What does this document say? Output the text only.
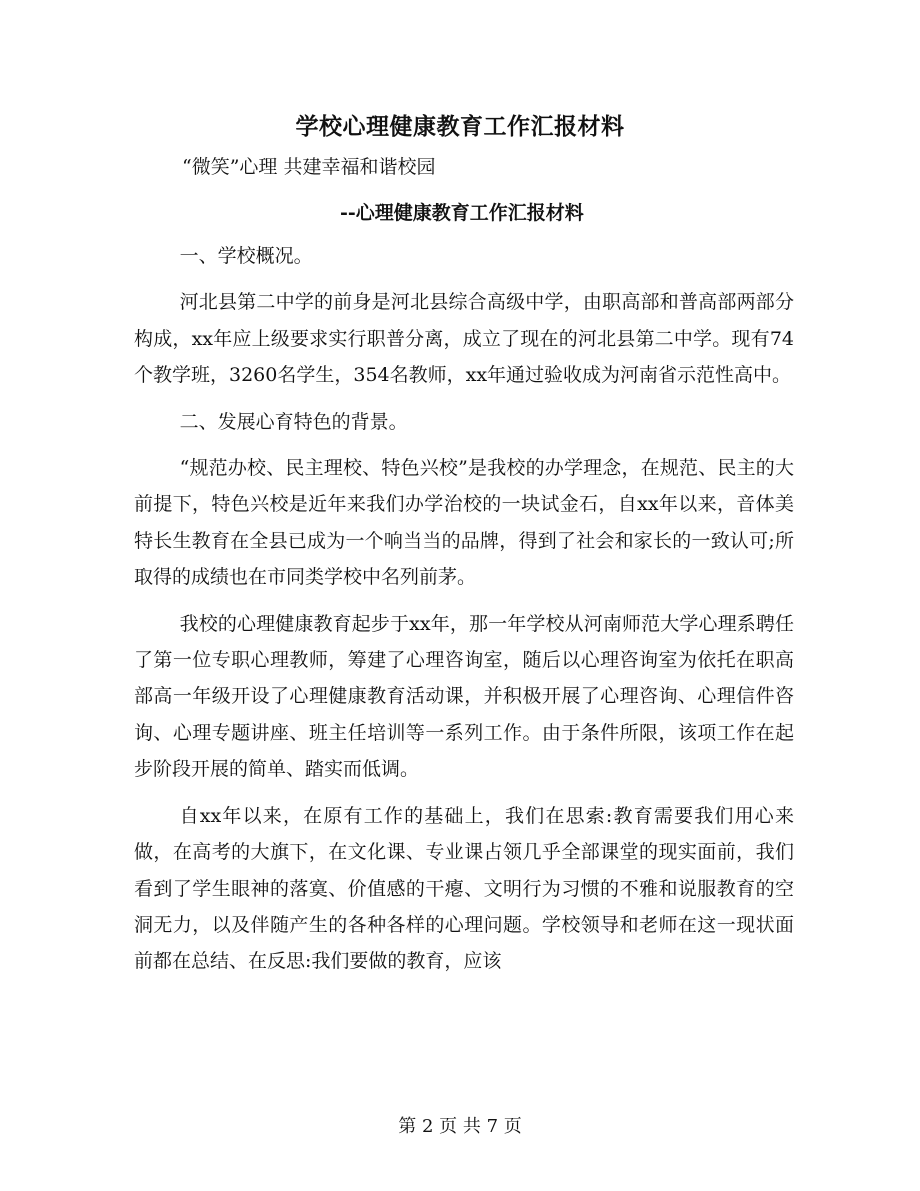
学校心理健康教育工作汇报材料

“微笑”心理 共建幸福和谐校园

--心理健康教育工作汇报材料

一、学校概况。

河北县第二中学的前身是河北县综合高级中学，由职高部和普高部两部分构成，xx年应上级要求实行职普分离，成立了现在的河北县第二中学。现有74个教学班，3260名学生，354名教师，xx年通过验收成为河南省示范性高中。

二、发展心育特色的背景。

“规范办校、民主理校、特色兴校”是我校的办学理念，在规范、民主的大前提下，特色兴校是近年来我们办学治校的一块试金石，自xx年以来，音体美特长生教育在全县已成为一个响当当的品牌，得到了社会和家长的一致认可;所取得的成绩也在市同类学校中名列前茅。

我校的心理健康教育起步于xx年，那一年学校从河南师范大学心理系聘任了第一位专职心理教师，筹建了心理咨询室，随后以心理咨询室为依托在职高部高一年级开设了心理健康教育活动课，并积极开展了心理咨询、心理信件咨询、心理专题讲座、班主任培训等一系列工作。由于条件所限，该项工作在起步阶段开展的简单、踏实而低调。

自xx年以来，在原有工作的基础上，我们在思索:教育需要我们用心来做，在高考的大旗下，在文化课、专业课占领几乎全部课堂的现实面前，我们看到了学生眼神的落寞、价值感的干瘪、文明行为习惯的不雅和说服教育的空洞无力，以及伴随产生的各种各样的心理问题。学校领导和老师在这一现状面前都在总结、在反思:我们要做的教育，应该

第 2 页 共 7 页
